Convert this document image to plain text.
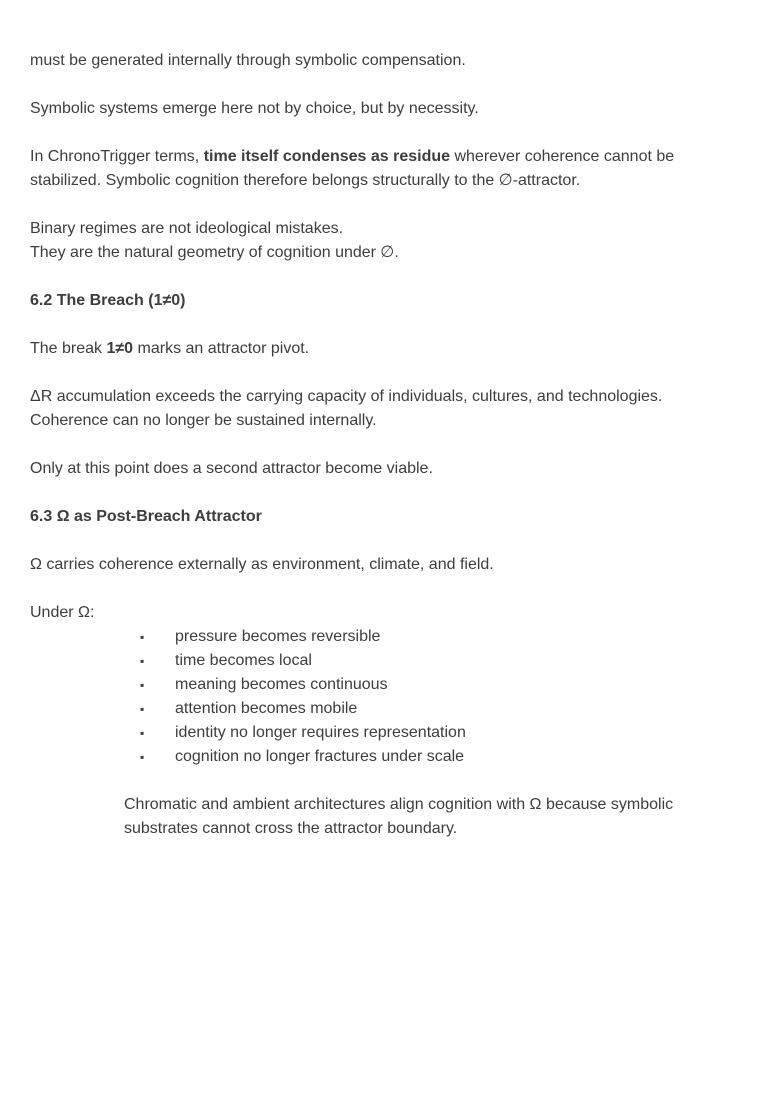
must be generated internally through symbolic compensation.

Symbolic systems emerge here not by choice, but by necessity.

In ChronoTrigger terms, time itself condenses as residue wherever coherence cannot be stabilized. Symbolic cognition therefore belongs structurally to the ∅-attractor.

Binary regimes are not ideological mistakes.

They are the natural geometry of cognition under ∅.

6.2 The Breach (1≠0)

The break 1≠0 marks an attractor pivot.

ΔR accumulation exceeds the carrying capacity of individuals, cultures, and technologies.

Coherence can no longer be sustained internally.

Only at this point does a second attractor become viable.

6.3 Ω as Post-Breach Attractor

Ω carries coherence externally as environment, climate, and field.

Under Ω:

▪ pressure becomes reversible
▪ time becomes local
▪ meaning becomes continuous
▪ attention becomes mobile
▪ identity no longer requires representation
▪ cognition no longer fractures under scale

Chromatic and ambient architectures align cognition with Ω because symbolic substrates cannot cross the attractor boundary.
